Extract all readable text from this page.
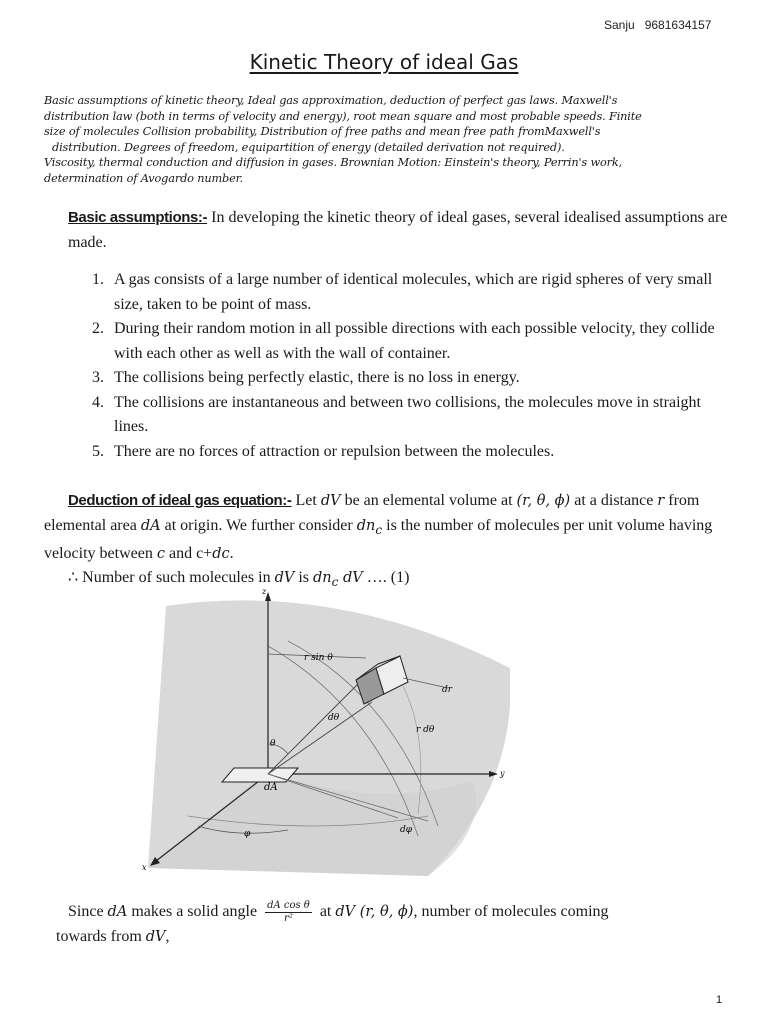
Sanju 9681634157
Kinetic Theory of ideal Gas
Basic assumptions of kinetic theory, Ideal gas approximation, deduction of perfect gas laws. Maxwell's
distribution law (both in terms of velocity and energy), root mean square and most probable speeds. Finite
size of molecules Collision probability, Distribution of free paths and mean free path fromMaxwell's
distribution. Degrees of freedom, equipartition of energy (detailed derivation not required).
Viscosity, thermal conduction and diffusion in gases. Brownian Motion: Einstein's theory, Perrin's work,
determination of Avogardo number.
Basic assumptions:- In developing the kinetic theory of ideal gases, several idealised assumptions are made.
1. A gas consists of a large number of identical molecules, which are rigid spheres of very small size, taken to be point of mass.
2. During their random motion in all possible directions with each possible velocity, they collide with each other as well as with the wall of container.
3. The collisions being perfectly elastic, there is no loss in energy.
4. The collisions are instantaneous and between two collisions, the molecules move in straight lines.
5. There are no forces of attraction or repulsion between the molecules.
Deduction of ideal gas equation:- Let dV be an elemental volume at (r, θ, ϕ) at a distance r from elemental area dA at origin. We further consider $dn_c$ is the number of molecules per unit volume having velocity between c and c+dc.
∴ Number of such molecules in dV is $dn_c$ dV …. (1)
z
y
x
r sin θ
dr
dθ
r dθ
θ
dA
φ	dφ
Since dA makes a solid angle $\frac{\text{dA cos θ}}{\text{r²}}$ at dV (r, θ, ϕ), number of molecules coming
towards from dV,
1
